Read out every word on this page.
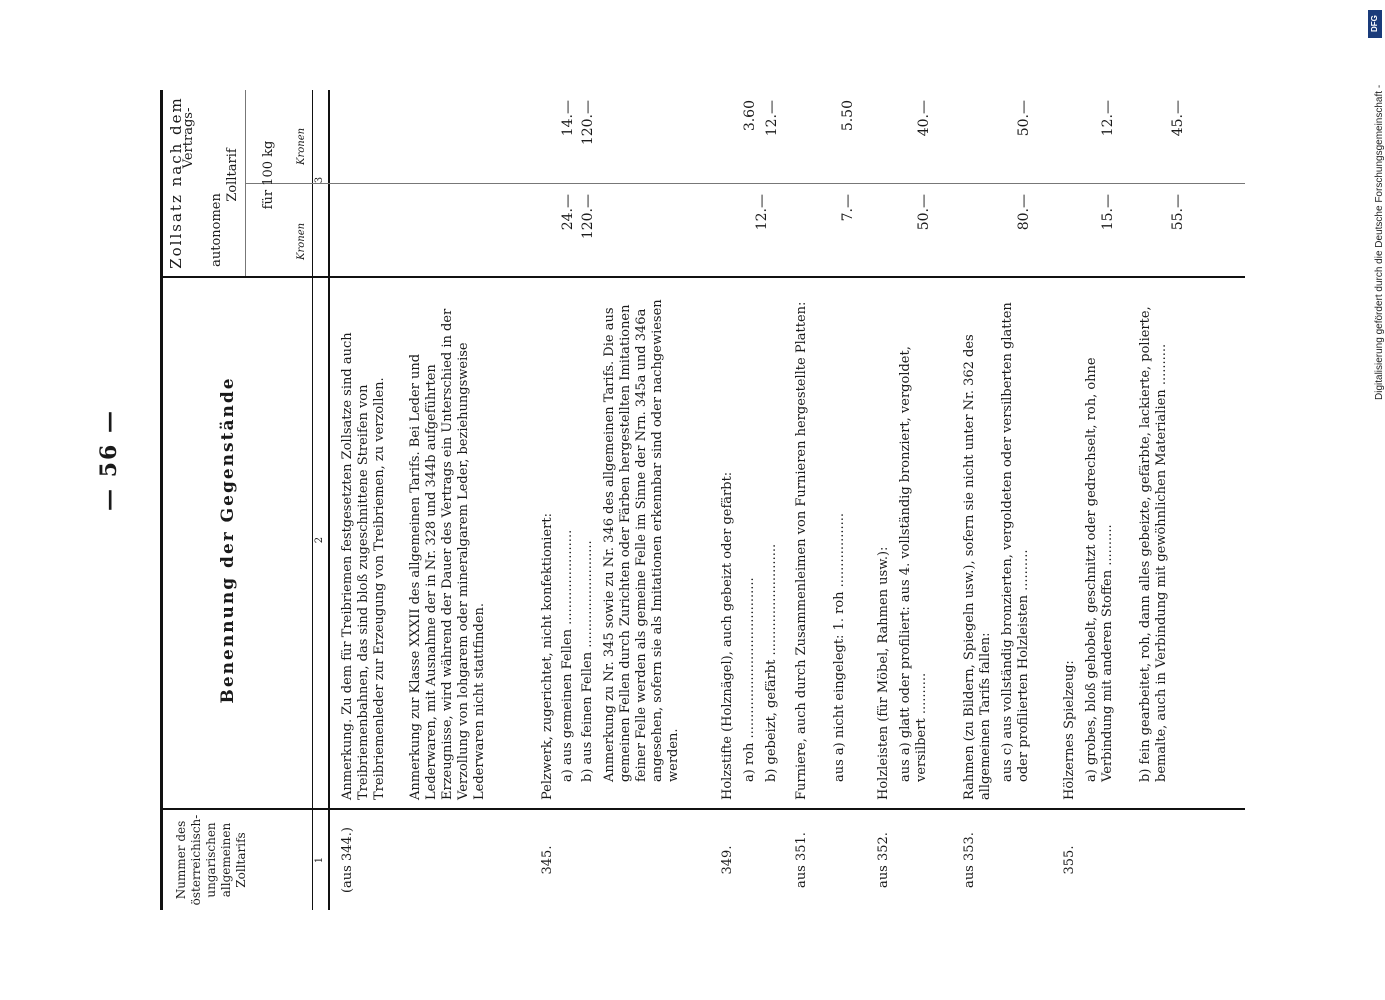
— 56 —
Nummer des österreichisch-ungarischen allgemeinen Zolltarifs
Benennung der Gegenstände
Zollsatz nach dem autonomen
Vertrags-
Zolltarif für 100 kg
Kronen
Kronen
1
2
3
(aus 344.)
Anmerkung. Zu dem für Treibriemen festgesetzten Zollsatze sind auch Treibriemenbahnen, das sind bloß zugeschnittene Streifen von Treibriemenleder zur Erzeugung von Treibriemen, zu verzollen. Anmerkung zur Klasse XXXII des allgemeinen Tarifs. Bei Leder und Lederwaren, mit Ausnahme der in Nr. 328 und 344b aufgeführten Erzeugnisse, wird während der Dauer des Vertrags ein Unterschied in der Verzollung von lohgarem oder mineralgarem Leder, beziehungsweise Lederwaren nicht stattfinden.
345.
Pelzwerk, zugerichtet, nicht konfektioniert: a) aus gemeinen Fellen .......................
24.—
14.—
b) aus feinen Fellen ..........................
120.—
120.—
Anmerkung zu Nr. 345 sowie zu Nr. 346 des allgemeinen Tarifs. Die aus gemeinen Fellen durch Zurichten oder Färben hergestellten Imitationen feiner Felle werden als gemeine Felle im Sinne der Nrn. 345a und 346a angesehen, sofern sie als Imitationen erkennbar sind oder nachgewiesen werden.
349.
Holzstifte (Holznägel), auch gebeizt oder gefärbt: a) roh .......................................
12.—
3.60
b) gebeizt, gefärbt ...........................
12.—
aus 351.
Furniere, auch durch Zusammenleimen von Furnieren hergestellte Platten: aus a) nicht eingelegt: 1. roh ..................
7.—
5.50
aus 352.
Holzleisten (für Möbel, Rahmen usw.): aus a) glatt oder profiliert: aus 4. vollständig bronziert, vergoldet, versilbert ..........
50.—
40.—
aus 353.
Rahmen (zu Bildern, Spiegeln usw.), sofern sie nicht unter Nr. 362 des allgemeinen Tarifs fallen: aus c) aus vollständig bronzierten, vergoldeten oder versilberten glatten oder profilierten Holzleisten ..........
80.—
50.—
355.
Hölzernes Spielzeug: a) grobes, bloß gehobelt, geschnitzt oder gedrechselt, roh, ohne Verbindung mit anderen Stoffen ..........
15.—
12.—
b) fein gearbeitet, roh, dann alles gebeizte, gefärbte, lackierte, polierte, bemalte, auch in Verbindung mit gewöhnlichen Materialien ..........
55.—
45.—
DFG
Digitalisierung gefördert durch die Deutsche Forschungsgemeinschaft -
